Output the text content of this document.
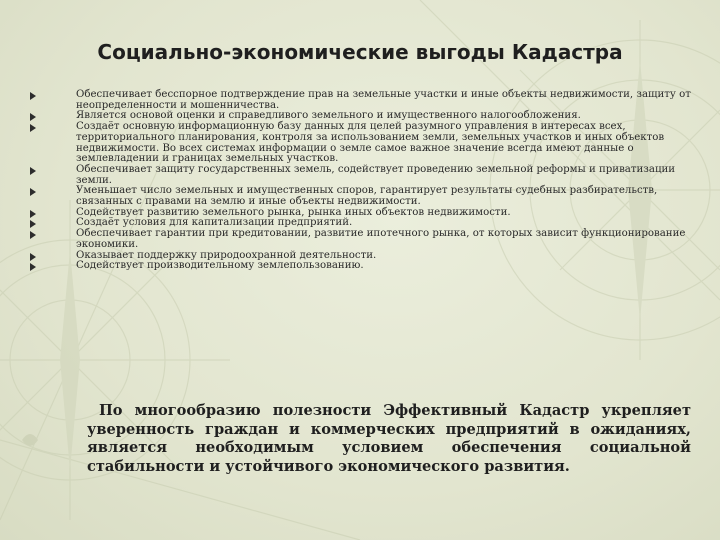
Социально-экономические выгоды Кадастра
Обеспечивает бесспорное подтверждение прав на земельные участки и иные объекты недвижимости, защиту от неопределенности и мошенничества.
Является основой оценки и справедливого земельного и имущественного налогообложения.
Создаёт основную информационную базу данных для целей разумного управления в интересах всех, территориального планирования, контроля за использованием земли, земельных участков и иных объектов недвижимости. Во всех системах информации о земле самое важное значение всегда имеют данные о землевладении и границах земельных участков.
Обеспечивает защиту государственных земель, содействует проведению земельной реформы и приватизации земли.
Уменьшает число земельных и имущественных споров, гарантирует результаты судебных разбирательств, связанных с правами на землю и иные объекты недвижимости.
Содействует развитию земельного рынка, рынка иных объектов недвижимости.
Создаёт условия для капитализации предприятий.
Обеспечивает гарантии при кредитовании, развитие ипотечного рынка, от которых зависит функционирование экономики.
Оказывает поддержку природоохранной деятельности.
Содействует производительному землепользованию.

По многообразию полезности Эффективный Кадастр укрепляет уверенность граждан и коммерческих предприятий в ожиданиях, является необходимым условием обеспечения социальной стабильности и устойчивого экономического развития.
